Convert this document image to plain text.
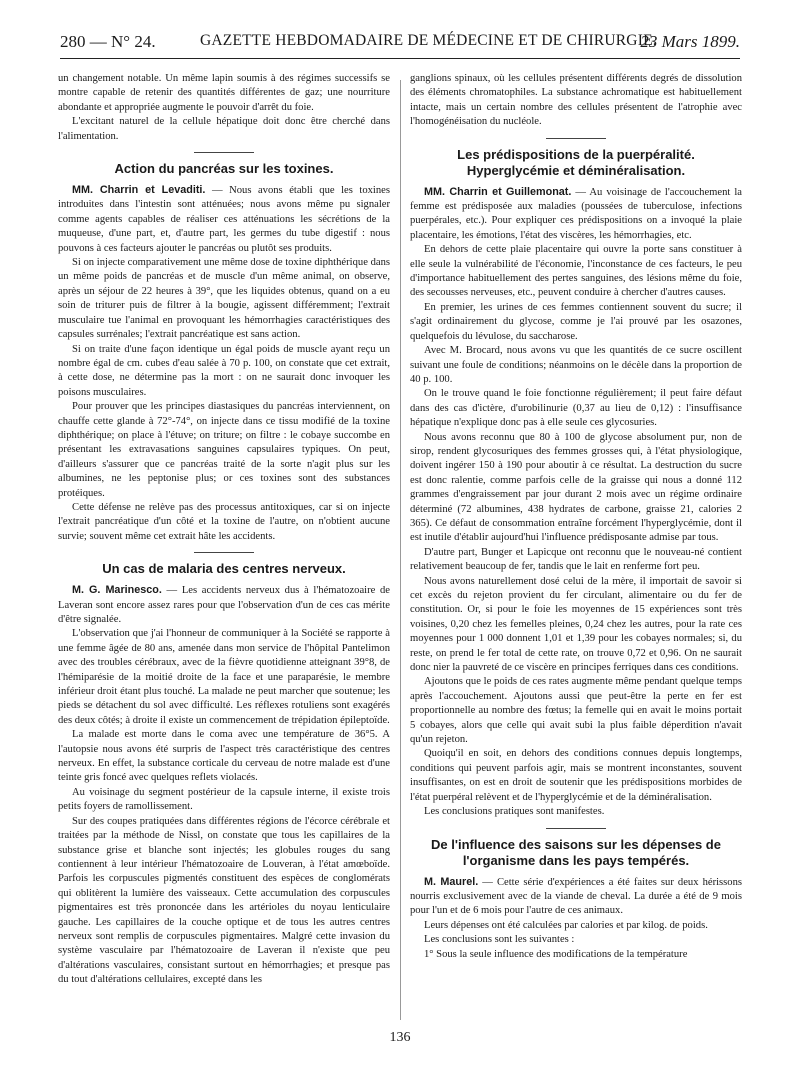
280 — N° 24.	GAZETTE HEBDOMADAIRE DE MÉDECINE ET DE CHIRURGIE.
23 Mars 1899.

un changement notable. Un même lapin soumis à des régimes successifs se montre capable de retenir des quantités différentes de gaz; une nourriture abondante et appropriée augmente le pouvoir d'arrêt du foie.

L'excitant naturel de la cellule hépatique doit donc être cherché dans l'alimentation.

Action du pancréas sur les toxines.

MM. Charrin et Levaditi. — Nous avons établi que les toxines introduites dans l'intestin sont atténuées; nous avons même pu signaler comme agents capables de réaliser ces atténuations les sécrétions de la muqueuse, d'une part, et, d'autre part, les germes du tube digestif : nous pouvons à ces facteurs ajouter le pancréas ou plutôt ses produits.

Si on injecte comparativement une même dose de toxine diphthérique dans un même poids de pancréas et de muscle d'un même animal, on observe, après un séjour de 22 heures à 39°, que les liquides obtenus, quand on a eu soin de triturer puis de filtrer à la bougie, agissent différemment; l'extrait musculaire tue l'animal en provoquant les hémorrhagies caractéristiques des capsules surrénales; l'extrait pancréatique est sans action.

Si on traite d'une façon identique un égal poids de muscle ayant reçu un nombre égal de cm. cubes d'eau salée à 70 p. 100, on constate que cet extrait, à cette dose, ne détermine pas la mort : on ne saurait donc invoquer les poisons musculaires.

Pour prouver que les principes diastasiques du pancréas interviennent, on chauffe cette glande à 72°-74°, on injecte dans ce tissu modifié de la toxine diphthérique; on place à l'étuve; on triture; on filtre : le cobaye succombe en présentant les extravasations sanguines capsulaires typiques. On peut, d'ailleurs s'assurer que ce pancréas traité de la sorte n'agit plus sur les albumines, ne les peptonise plus; or ces toxines sont des substances protéiques.

Cette défense ne relève pas des processus antitoxiques, car si on injecte l'extrait pancréatique d'un côté et la toxine de l'autre, on n'obtient aucune survie; souvent même cet extrait hâte les accidents.

Un cas de malaria des centres nerveux.

M. G. Marinesco. — Les accidents nerveux dus à l'hématozoaire de Laveran sont encore assez rares pour que l'observation d'un de ces cas mérite d'être signalée.

L'observation que j'ai l'honneur de communiquer à la Société se rapporte à une femme âgée de 80 ans, amenée dans mon service de l'hôpital Pantelimon avec des troubles cérébraux, avec de la fièvre quotidienne atteignant 39°8, de l'hémiparésie de la moitié droite de la face et une paraparésie, le membre inférieur droit étant plus touché. La malade ne peut marcher que soutenue; les pieds se détachent du sol avec difficulté. Les réflexes rotuliens sont exagérés des deux côtés; à droite il existe un commencement de trépidation épileptoïde.

La malade est morte dans le coma avec une température de 36°5. A l'autopsie nous avons été surpris de l'aspect très caractéristique des centres nerveux. En effet, la substance corticale du cerveau de notre malade est d'une teinte gris foncé avec quelques reflets violacés.

Au voisinage du segment postérieur de la capsule interne, il existe trois petits foyers de ramollissement.

Sur des coupes pratiquées dans différentes régions de l'écorce cérébrale et traitées par la méthode de Nissl, on constate que tous les capillaires de la substance grise et blanche sont injectés; les globules rouges du sang contiennent à leur intérieur l'hématozoaire de Louveran, à l'état amœboïde. Parfois les corpuscules pigmentés constituent des espèces de conglomérats qui oblitèrent la lumière des vaisseaux. Cette accumulation des corpuscules pigmentaires est très prononcée dans les artérioles du noyau lenticulaire gauche. Les capillaires de la couche optique et de tous les autres centres nerveux sont remplis de corpuscules pigmentaires. Malgré cette invasion du système vasculaire par l'hématozoaire de Laveran il n'existe que peu d'altérations vasculaires, consistant surtout en hémorrhagies; et presque pas du tout d'altérations cellulaires, excepté dans les

ganglions spinaux, où les cellules présentent différents degrés de dissolution des éléments chromatophiles. La substance achromatique est habituellement intacte, mais un certain nombre des cellules présentent de l'atrophie avec l'homogénéisation du nucléole.

Les prédispositions de la puerpéralité. Hyperglycémie et déminéralisation.

MM. Charrin et Guillemonat. — Au voisinage de l'accouchement la femme est prédisposée aux maladies (poussées de tuberculose, infections puerpérales, etc.). Pour expliquer ces prédispositions on a invoqué la plaie placentaire, les émotions, l'état des viscères, les hémorrhagies, etc.

En dehors de cette plaie placentaire qui ouvre la porte sans constituer à elle seule la vulnérabilité de l'économie, l'inconstance de ces facteurs, le peu d'importance habituellement des pertes sanguines, des lésions même du foie, des secousses nerveuses, etc., peuvent conduire à chercher d'autres causes.

En premier, les urines de ces femmes contiennent souvent du sucre; il s'agit ordinairement du glycose, comme je l'ai prouvé par les osazones, quelquefois du lévulose, du saccharose.

Avec M. Brocard, nous avons vu que les quantités de ce sucre oscillent suivant une foule de conditions; néanmoins on le décèle dans la proportion de 40 p. 100.

On le trouve quand le foie fonctionne régulièrement; il peut faire défaut dans des cas d'ictère, d'urobilinurie (0,37 au lieu de 0,12) : l'insuffisance hépatique n'explique donc pas à elle seule ces glycosuries.

Nous avons reconnu que 80 à 100 de glycose absolument pur, non de sirop, rendent glycosuriques des femmes grosses qui, à l'état physiologique, doivent ingérer 150 à 190 pour aboutir à ce résultat. La destruction du sucre est donc ralentie, comme parfois celle de la graisse qui nous a donné 112 grammes d'engraissement par jour durant 2 mois avec un régime ordinaire déterminé (72 albumines, 438 hydrates de carbone, graisse 21, calories 2 365). Ce défaut de consommation entraîne forcément l'hyperglycémie, dont il est inutile d'établir aujourd'hui l'influence prédisposante admise par tous.

D'autre part, Bunger et Lapicque ont reconnu que le nouveau-né contient relativement beaucoup de fer, tandis que le lait en renferme fort peu.

Nous avons naturellement dosé celui de la mère, il importait de savoir si cet excès du rejeton provient du fer circulant, alimentaire ou du fer de constitution. Or, si pour le foie les moyennes de 15 expériences sont très voisines, 0,20 chez les femelles pleines, 0,24 chez les autres, pour la rate ces moyennes pour 1 000 donnent 1,01 et 1,39 pour les cobayes normales; si, du reste, on prend le fer total de cette rate, on trouve 0,72 et 0,96. On ne saurait donc nier la pauvreté de ce viscère en principes ferriques dans ces conditions.

Ajoutons que le poids de ces rates augmente même pendant quelque temps après l'accouchement. Ajoutons aussi que peut-être la perte en fer est proportionnelle au nombre des fœtus; la femelle qui en avait le moins portait 5 cobayes, alors que celle qui avait subi la plus faible déperdition n'avait qu'un rejeton.

Quoiqu'il en soit, en dehors des conditions connues depuis longtemps, conditions qui peuvent parfois agir, mais se montrent inconstantes, souvent insuffisantes, on est en droit de soutenir que les prédispositions morbides de l'état puerpéral relèvent et de l'hyperglycémie et de la déminéralisation.

Les conclusions pratiques sont manifestes.

De l'influence des saisons sur les dépenses de l'organisme dans les pays tempérés.

M. Maurel. — Cette série d'expériences a été faites sur deux hérissons nourris exclusivement avec de la viande de cheval. La durée a été de 9 mois pour l'un et de 6 mois pour l'autre de ces animaux.

Leurs dépenses ont été calculées par calories et par kilog. de poids.

Les conclusions sont les suivantes :

1° Sous la seule influence des modifications de la température

136
